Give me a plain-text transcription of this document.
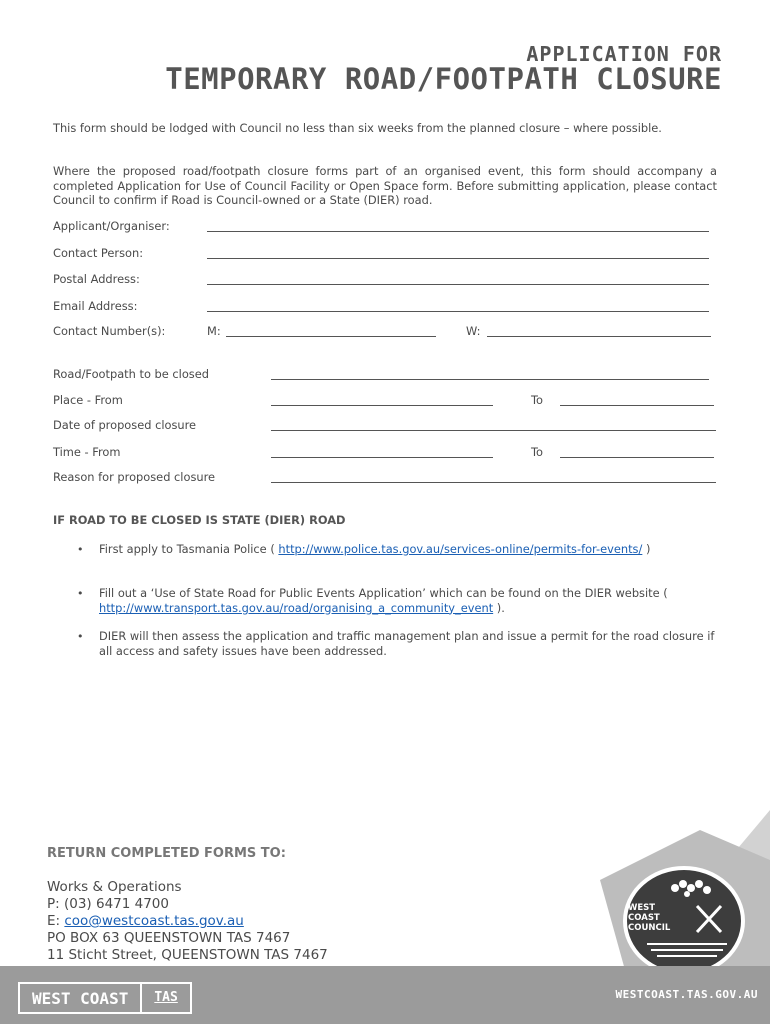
APPLICATION FOR
TEMPORARY ROAD/FOOTPATH CLOSURE

This form should be lodged with Council no less than six weeks from the planned closure – where possible.

Where the proposed road/footpath closure forms part of an organised event, this form should accompany a completed Application for Use of Council Facility or Open Space form. Before submitting application, please contact Council to confirm if Road is Council-owned or a State (DIER) road.

Applicant/Organiser:
Contact Person:
Postal Address:
Email Address:
Contact Number(s):	M:	W:
Road/Footpath to be closed
Place - From	To
Date of proposed closure
Time - From	To
Reason for proposed closure
IF ROAD TO BE CLOSED IS STATE (DIER) ROAD
• First apply to Tasmania Police ( http://www.police.tas.gov.au/services-online/permits-for-events/ )

• Fill out a ‘Use of State Road for Public Events Application’ which can be found on the DIER website ( http://www.transport.tas.gov.au/road/organising_a_community_event ).

• DIER will then assess the application and traffic management plan and issue a permit for the road closure if all access and safety issues have been addressed.

RETURN COMPLETED FORMS TO:
Works & Operations
P: (03) 6471 4700
E: coo@westcoast.tas.gov.au
PO BOX 63 QUEENSTOWN TAS 7467
11 Sticht Street, QUEENSTOWN TAS 7467
WEST
COAST
COUNCIL
WEST COAST	TAS	WESTCOAST.TAS.GOV.AU
